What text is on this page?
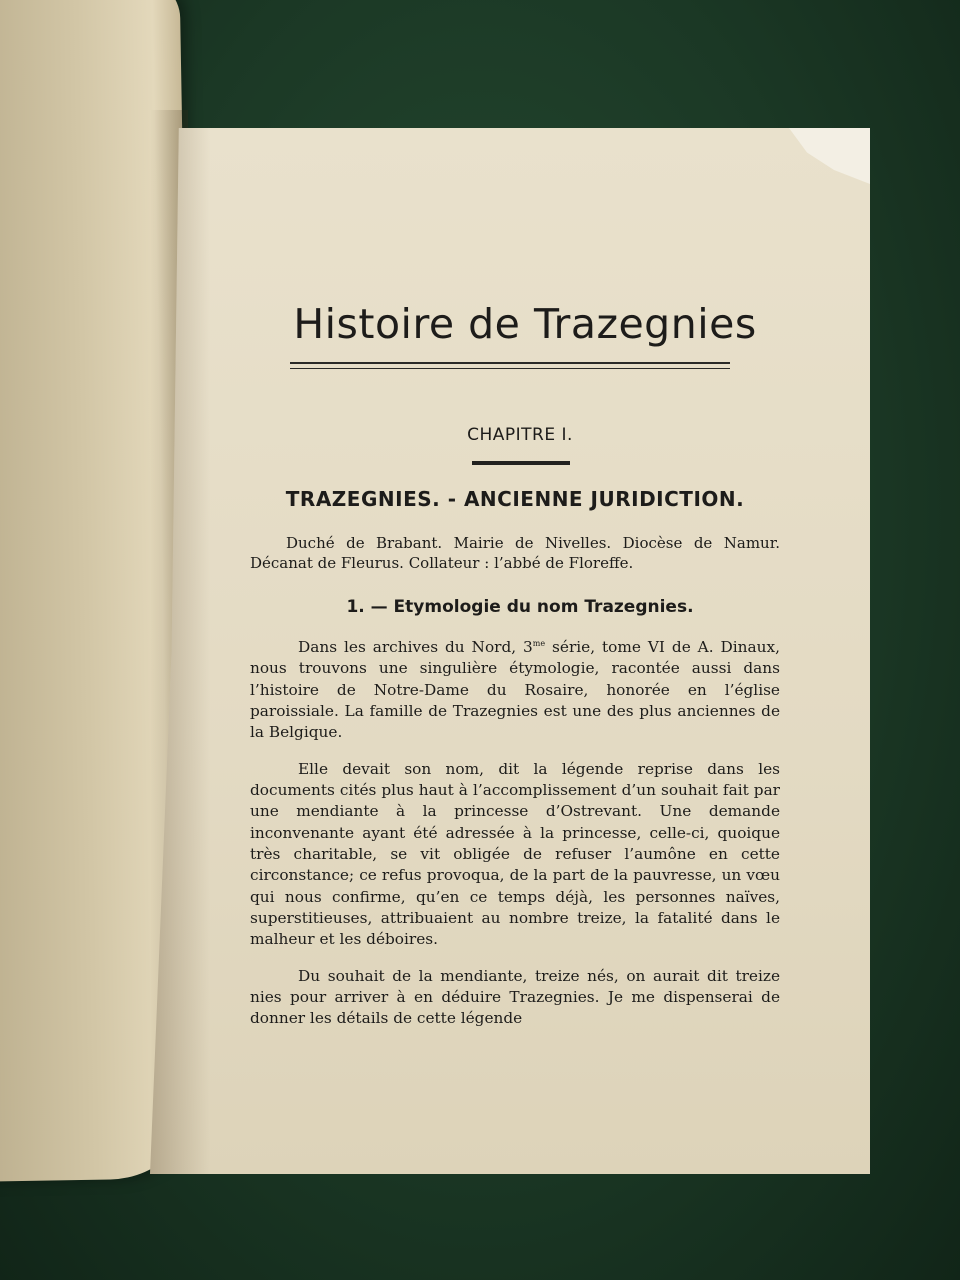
Histoire de Trazegnies
CHAPITRE I.
TRAZEGNIES. - ANCIENNE JURIDICTION.

Duché de Brabant. Mairie de Nivelles. Diocèse de Namur. Décanat de Fleurus. Collateur : l’abbé de Floreffe.

1. — Etymologie du nom Trazegnies.

Dans les archives du Nord, $3^{me}$ série, tome VI de A. Dinaux, nous trouvons une singulière étymologie, racontée aussi dans l’histoire de Notre-Dame du Rosaire, honorée en l’église paroissiale. La famille de Trazegnies est une des plus anciennes de la Belgique.

Elle devait son nom, dit la légende reprise dans les documents cités plus haut à l’accomplissement d’un souhait fait par une mendiante à la princesse d’Ostrevant. Une demande inconvenante ayant été adressée à la princesse, celle-ci, quoique très charitable, se vit obligée de refuser l’aumône en cette circonstance; ce refus provoqua, de la part de la pauvresse, un vœu qui nous confirme, qu’en ce temps déjà, les personnes naïves, superstitieuses, attribuaient au nombre treize, la fatalité dans le malheur et les déboires.

Du souhait de la mendiante, treize nés, on aurait dit treize nies pour arriver à en déduire Trazegnies. Je me dispenserai de donner les détails de cette légende
